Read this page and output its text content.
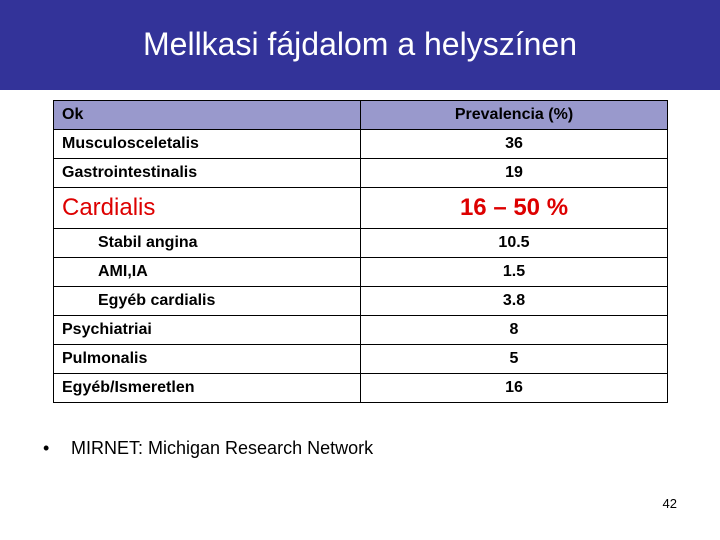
Mellkasi fájdalom a helyszínen
Ok	Prevalencia (%)
Musculosceletalis	36
Gastrointestinalis	19
Cardialis	16 – 50 %
Stabil angina	10.5
AMI,IA	1.5
Egyéb cardialis	3.8
Psychiatriai	8
Pulmonalis	5
Egyéb/Ismeretlen	16
• MIRNET: Michigan Research Network
42
